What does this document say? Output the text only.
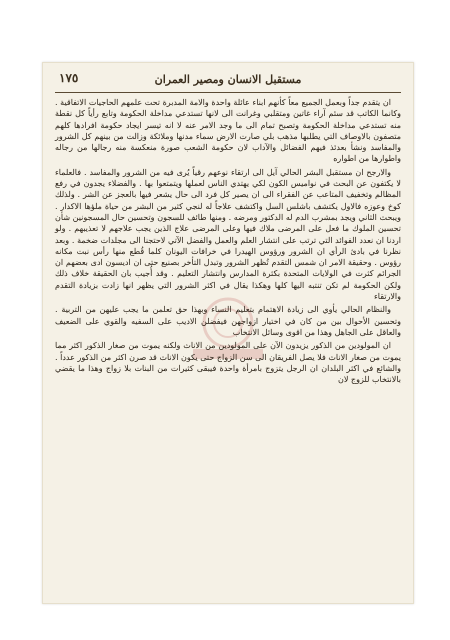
مستقبل الانسان ومصير العمران
١٧٥

ان يتقدم جداً وبعمل الجميع معاً كأنهم ابناء عائلة واحدة والامة المدبرة تحت علمهم الحاجيات الاتفاقية . وكانما الكاتب قد سئم آراء غاتين ومتقلبي وغرانت الى لانها تستدعي مداخلة الحكومة وتابع رأياً كل نقطة منه تستدعي مداخلة الحكومة وتصبح تمام الى ما وجد الامر عنه لا انه تيسر ايجاد حكومة افرادها كلهم متصفون بالاوصاف التي يطلبها مذهب بلي صارت الارض سماء مدنها وملائكة وزالت من بينهم كل الشرور والمفاسد ونشأ بعدئذ فيهم الفضائل والآداب لان حكومة الشعب صورة منعكسة منه رجالها من رجاله واطوارها من اطواره

والارجح ان مستقبل البشر الحالي آيل الى ارتقاء نوعهم رقياً يُرى فيه من الشرور والمفاسد . فالعلماء لا يكتفون عن البحث في نواميس الكون لكي يهتدي الناس لعملها ويتمتعوا بها . والفضلاء يجدون في رفع المظالم وتخفيف المتاعب عن الفقراء الى ان يصير كل فرد الى حال يشعر فيها بالعجز عن الشر . ولذلك كوخ وعوزه فالاول يكتشف باشلس السل واكتشف علاجاً له لنجي كثير من البشر من حياة ملؤها الاكدار . ويبحث الثاني ويجد بمشرب الدم له الدكتور ومرضه . ومنها طائف للسجون وتحسين حال المسجونين شأن تحسين الملوك ما فعل على المرضى ملاك فيها وعلى المرضى علاج الذين يجب علاجهم لا تعذيبهم . ولو اردنا ان نعدد الفوائد التي ترتب على انتشار العلم والعمل والفضل الآتي لاحتجنا الى مجلدات ضخمة . وبعد نظرنا في بادئ الرأي ان الشرور ورؤوس الهيدرا في خرافات اليونان كلما قُطع منها رأس نبت مكانه رؤوس . وحقيقة الامر ان شمس التقدم تُظهر الشرور وتبدل التأخر بصنيع حتى ان اديسون ادى بعضهم ان الجرائم كثرت في الولايات المتحدة بكثرة المدارس وانتشار التعليم . وقد أُجيب بان الحقيقة خلاف ذلك ولكن الحكومة لم تكن تنتبه اليها كلها وهكذا يقال في اكثر الشرور التي يظهر انها زادت بزيادة التقدم والارتقاء

والنظام الحالي يأوي الى زيادة الاهتمام بتعليم النساء وبهذا حق تعلمن ما يجب عليهن من التربية . وتحسين الأحوال بين من كان في اختيار ازواجهن فيفضلن الاديب على السفيه والقوي على الضعيف والعاقل على الجاهل وهذا من اقوى وسائل الانتخاب

ان المولودين من الذكور يزيدون الآن على المولودين من الاناث ولكنه يموت من صغار الذكور اكثر مما يموت من صغار الاناث فلا يصل الفريقان الى سن الزواج حتى يكون الاناث قد صرن اكثر من الذكور عدداً . والشائع في اكثر البلدان ان الرجل يتزوج بامرأة واحدة فيبقى كثيرات من البنات بلا زواج وهذا ما يقضي بالانتخاب للزوج لان
